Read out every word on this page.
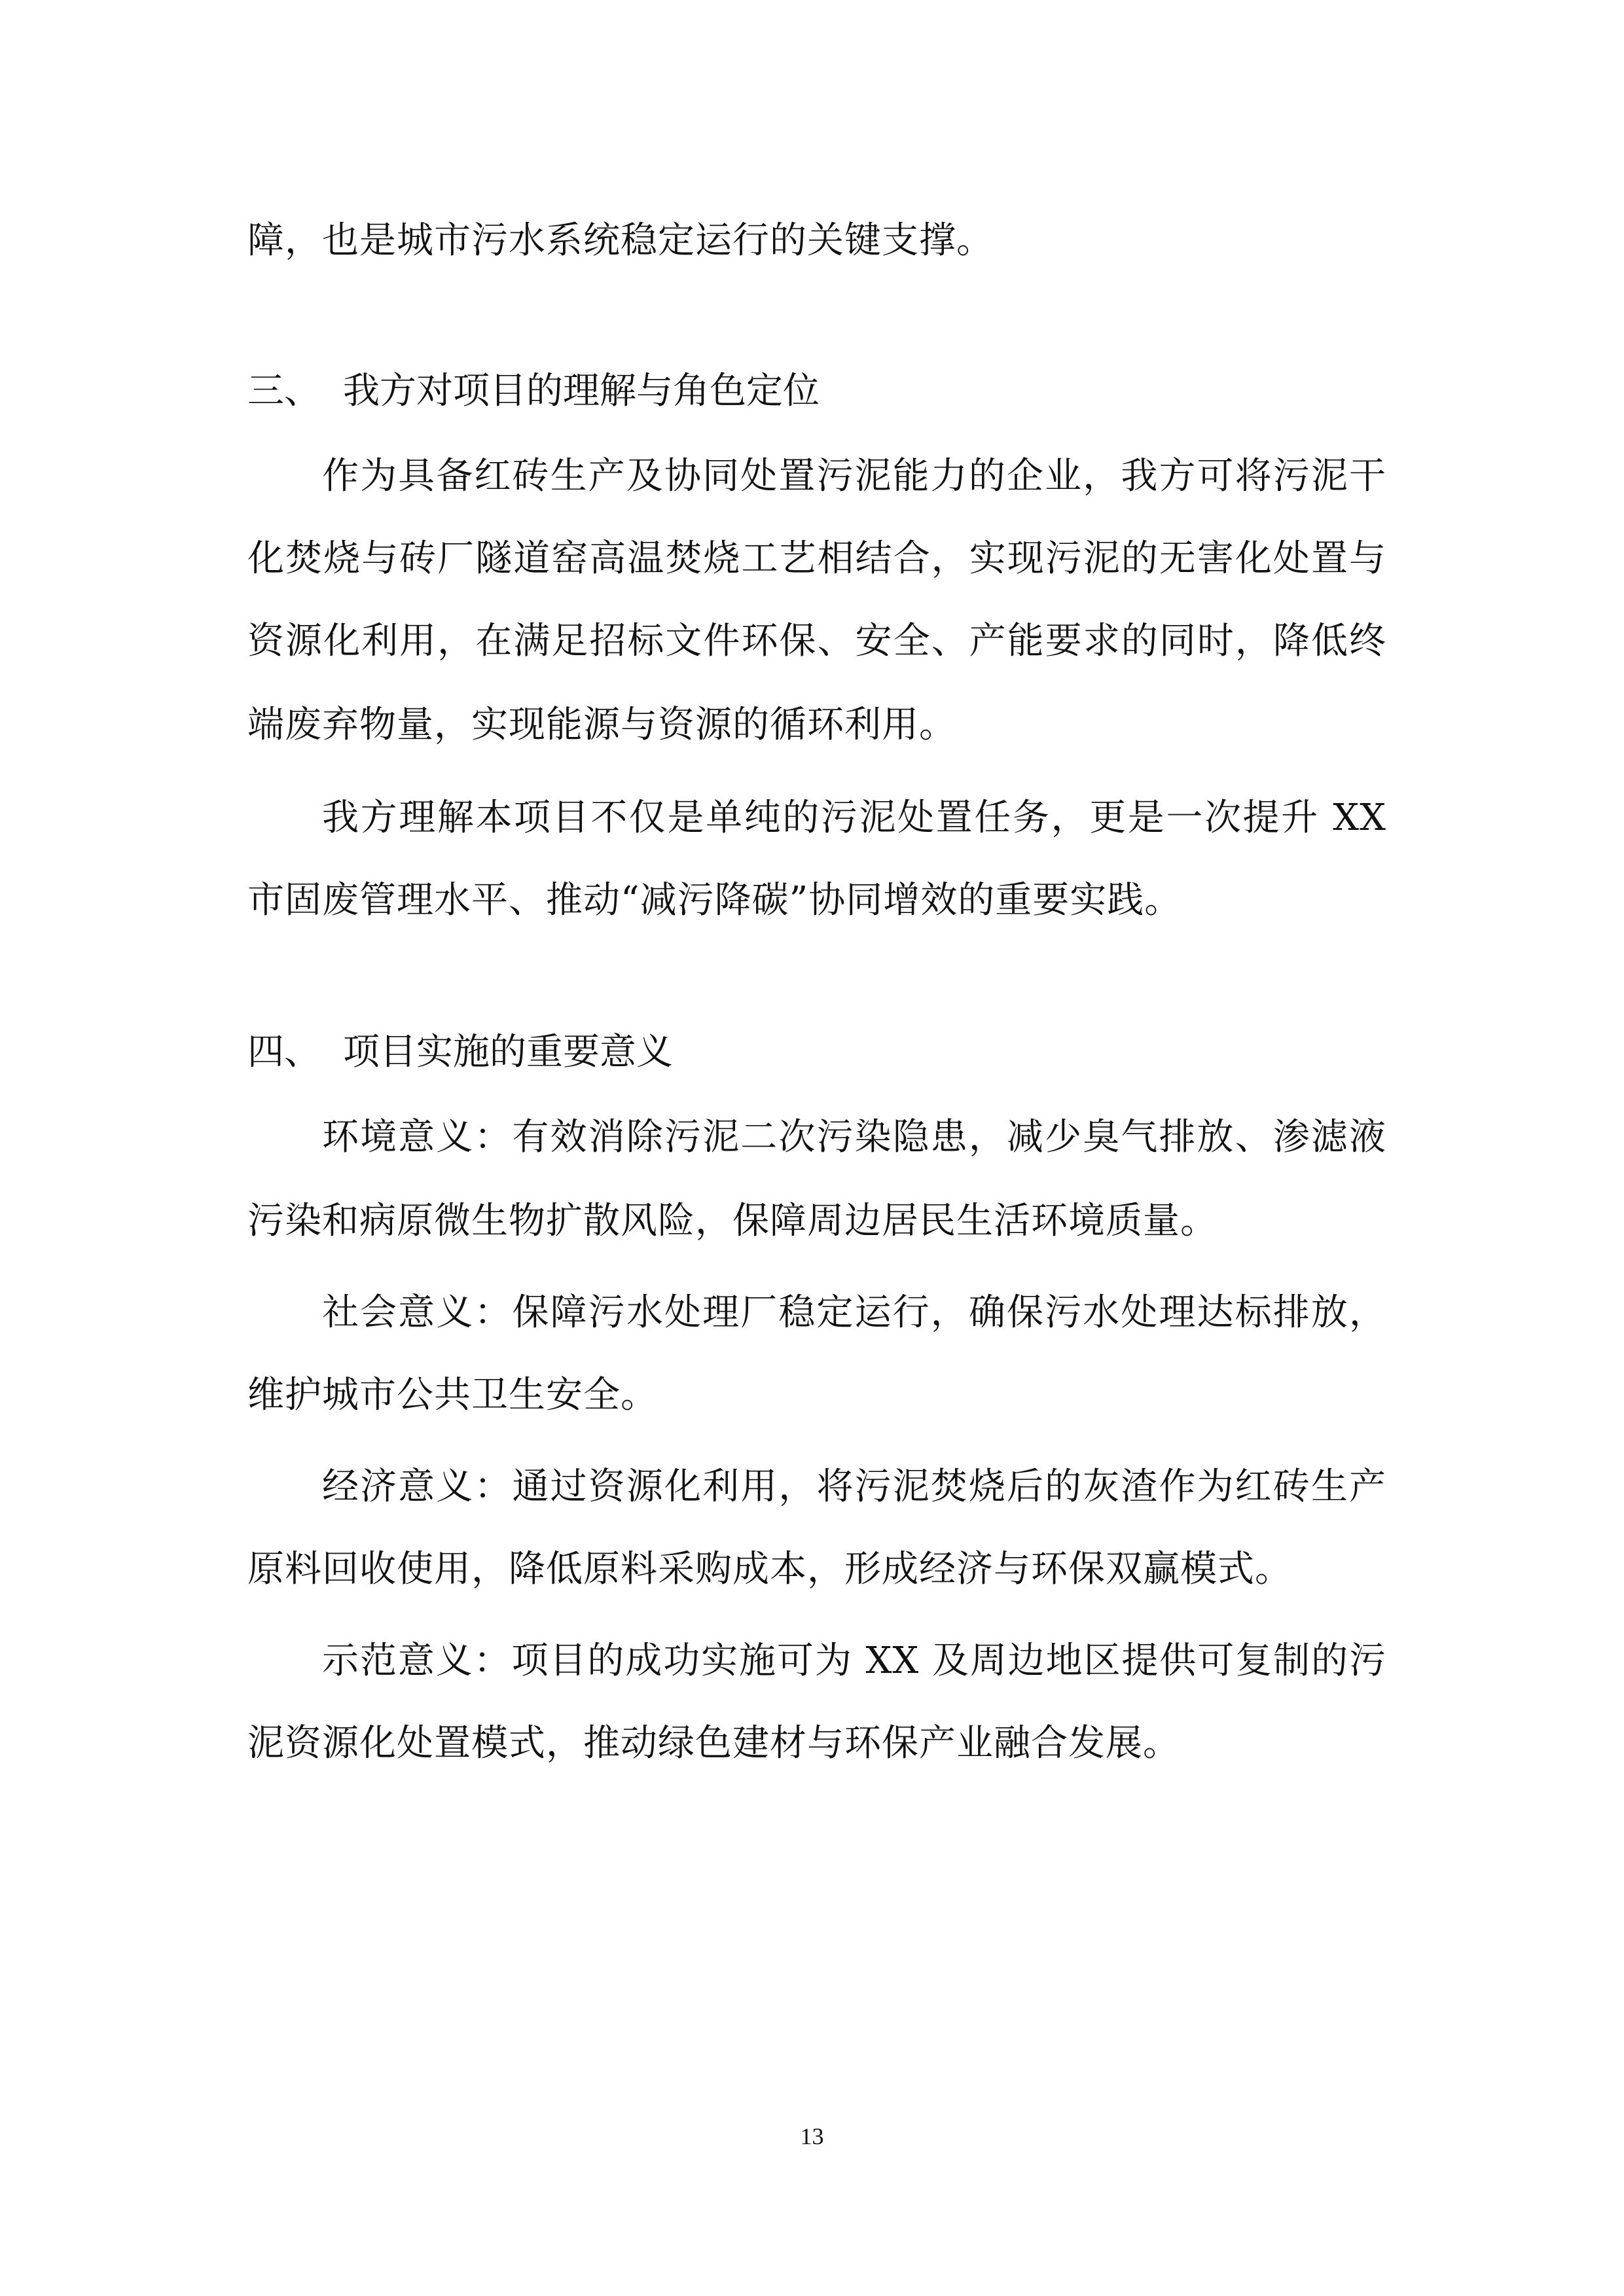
障，也是城市污水系统稳定运行的关键支撑。
三、 我方对项目的理解与角色定位
作为具备红砖生产及协同处置污泥能力的企业，我方可将污泥干
化焚烧与砖厂隧道窑高温焚烧工艺相结合，实现污泥的无害化处置与
资源化利用，在满足招标文件环保、安全、产能要求的同时，降低终
端废弃物量，实现能源与资源的循环利用。
我方理解本项目不仅是单纯的污泥处置任务，更是一次提升 XX
市固废管理水平、推动“减污降碳”协同增效的重要实践。
四、 项目实施的重要意义
环境意义：有效消除污泥二次污染隐患，减少臭气排放、渗滤液
污染和病原微生物扩散风险，保障周边居民生活环境质量。
社会意义：保障污水处理厂稳定运行，确保污水处理达标排放，
维护城市公共卫生安全。
经济意义：通过资源化利用，将污泥焚烧后的灰渣作为红砖生产
原料回收使用，降低原料采购成本，形成经济与环保双赢模式。
示范意义：项目的成功实施可为 XX 及周边地区提供可复制的污
泥资源化处置模式，推动绿色建材与环保产业融合发展。
13
